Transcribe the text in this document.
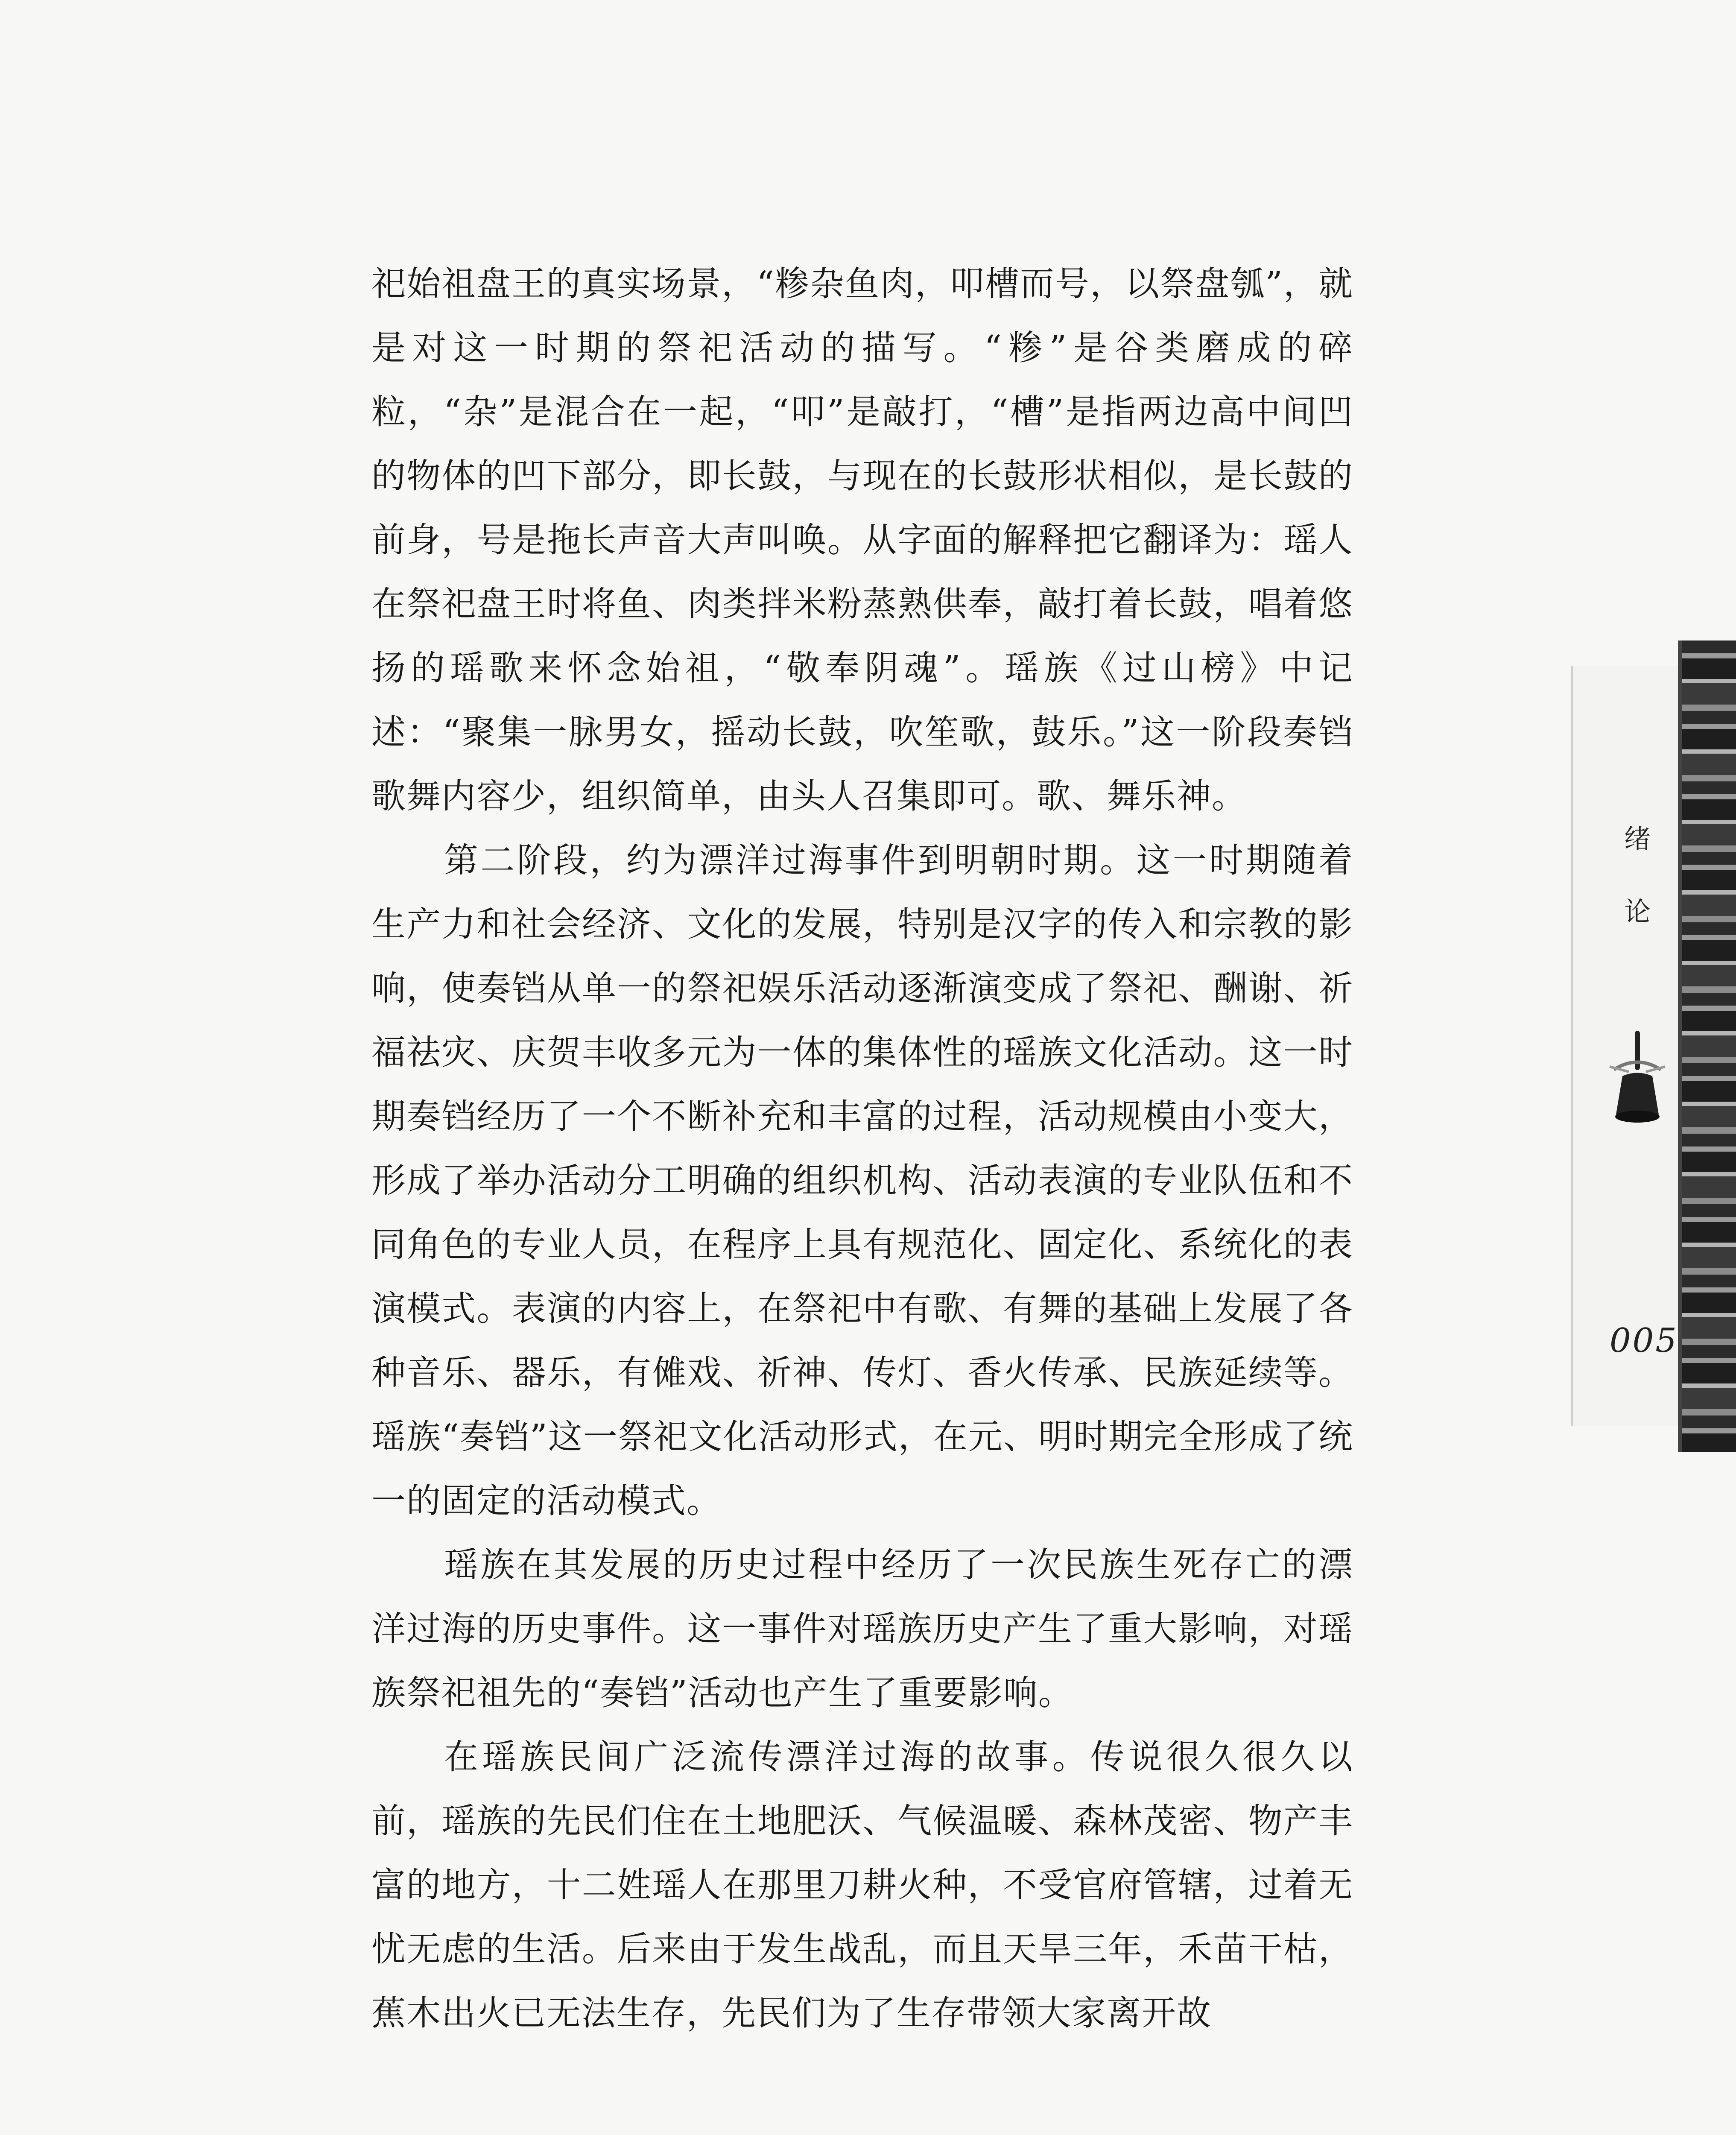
祀始祖盘王的真实场景，“糁杂鱼肉，叩槽而号，以祭盘瓠”，就是对这一时期的祭祀活动的描写。“糁”是谷类磨成的碎粒，“杂”是混合在一起，“叩”是敲打，“槽”是指两边高中间凹的物体的凹下部分，即长鼓，与现在的长鼓形状相似，是长鼓的前身，号是拖长声音大声叫唤。从字面的解释把它翻译为：瑶人在祭祀盘王时将鱼、肉类拌米粉蒸熟供奉，敲打着长鼓，唱着悠扬的瑶歌来怀念始祖，“敬奉阴魂”。瑶族《过山榜》中记述：“聚集一脉男女，摇动长鼓，吹笙歌，鼓乐。”这一阶段奏铛歌舞内容少，组织简单，由头人召集即可。歌、舞乐神。

第二阶段，约为漂洋过海事件到明朝时期。这一时期随着生产力和社会经济、文化的发展，特别是汉字的传入和宗教的影响，使奏铛从单一的祭祀娱乐活动逐渐演变成了祭祀、酬谢、祈福祛灾、庆贺丰收多元为一体的集体性的瑶族文化活动。这一时期奏铛经历了一个不断补充和丰富的过程，活动规模由小变大，形成了举办活动分工明确的组织机构、活动表演的专业队伍和不同角色的专业人员，在程序上具有规范化、固定化、系统化的表演模式。表演的内容上，在祭祀中有歌、有舞的基础上发展了各种音乐、器乐，有傩戏、祈神、传灯、香火传承、民族延续等。瑶族“奏铛”这一祭祀文化活动形式，在元、明时期完全形成了统一的固定的活动模式。

瑶族在其发展的历史过程中经历了一次民族生死存亡的漂洋过海的历史事件。这一事件对瑶族历史产生了重大影响，对瑶族祭祀祖先的“奏铛”活动也产生了重要影响。

在瑶族民间广泛流传漂洋过海的故事。传说很久很久以前，瑶族的先民们住在土地肥沃、气候温暖、森林茂密、物产丰富的地方，十二姓瑶人在那里刀耕火种，不受官府管辖，过着无忧无虑的生活。后来由于发生战乱，而且天旱三年，禾苗干枯，蕉木出火已无法生存，先民们为了生存带领大家离开故

绪
论
005
